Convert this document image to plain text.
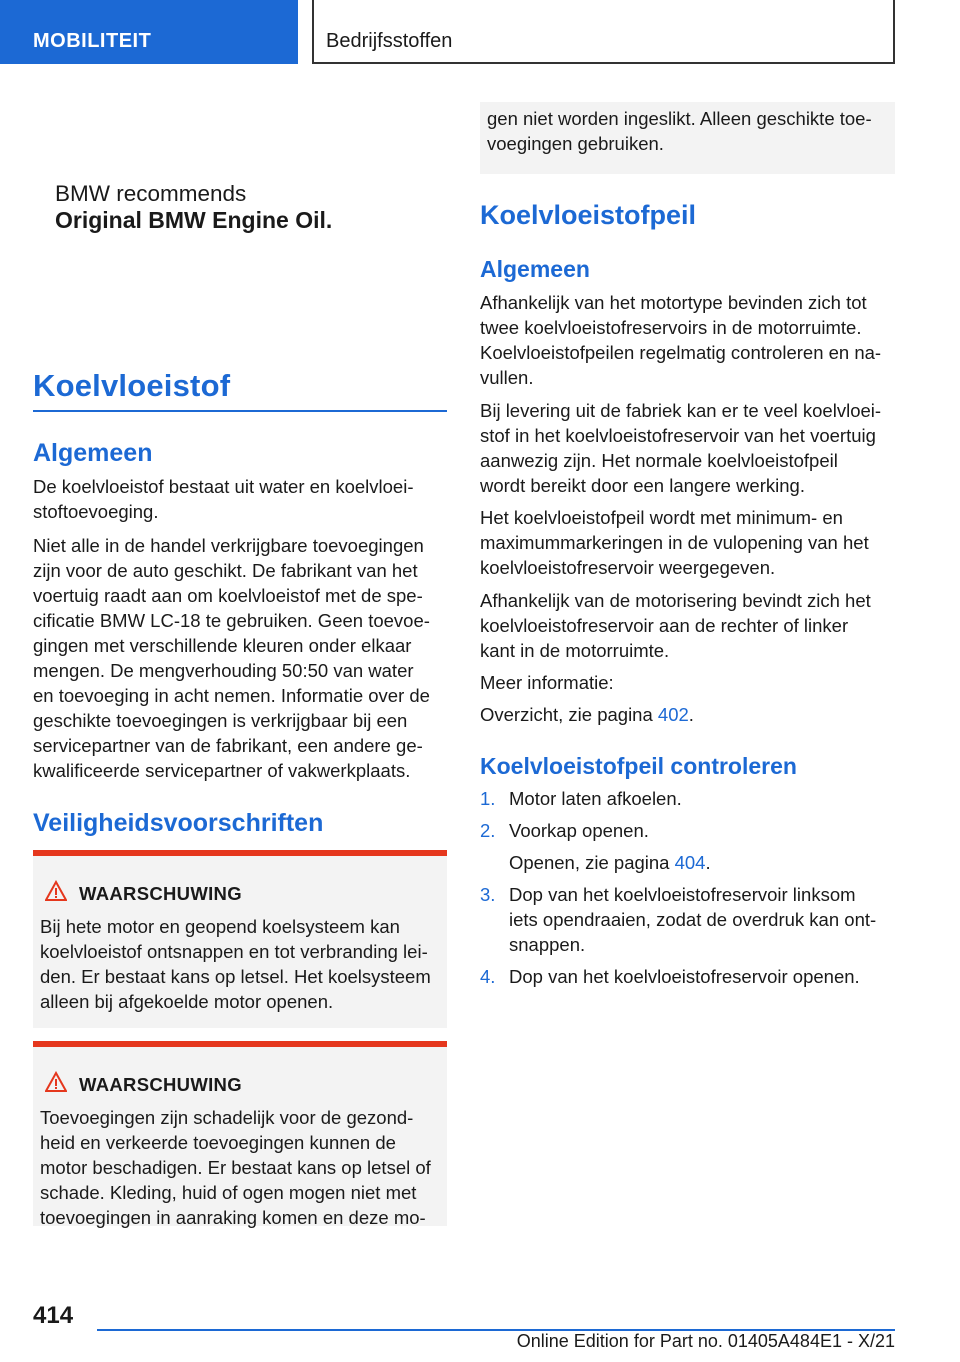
MOBILITEIT	Bedrijfsstoffen
BMW recommends
Original BMW Engine Oil.
Koelvloeistof
Algemeen
De koelvloeistof bestaat uit water en koelvloei-
stoftoevoeging.
Niet alle in de handel verkrijgbare toevoegingen
zijn voor de auto geschikt. De fabrikant van het
voertuig raadt aan om koelvloeistof met de spe-
cificatie BMW LC-18 te gebruiken. Geen toevoe-
gingen met verschillende kleuren onder elkaar
mengen. De mengverhouding 50:50 van water
en toevoeging in acht nemen. Informatie over de
geschikte toevoegingen is verkrijgbaar bij een
servicepartner van de fabrikant, een andere ge-
kwalificeerde servicepartner of vakwerkplaats.
Veiligheidsvoorschriften
WAARSCHUWING
Bij hete motor en geopend koelsysteem kan
koelvloeistof ontsnappen en tot verbranding lei-
den. Er bestaat kans op letsel. Het koelsysteem
alleen bij afgekoelde motor openen.
WAARSCHUWING
Toevoegingen zijn schadelijk voor de gezond-
heid en verkeerde toevoegingen kunnen de
motor beschadigen. Er bestaat kans op letsel of
schade. Kleding, huid of ogen mogen niet met
toevoegingen in aanraking komen en deze mo-
gen niet worden ingeslikt. Alleen geschikte toe-
voegingen gebruiken.
Koelvloeistofpeil
Algemeen
Afhankelijk van het motortype bevinden zich tot
twee koelvloeistofreservoirs in de motorruimte.
Koelvloeistofpeilen regelmatig controleren en na-
vullen.
Bij levering uit de fabriek kan er te veel koelvloei-
stof in het koelvloeistofreservoir van het voertuig
aanwezig zijn. Het normale koelvloeistofpeil
wordt bereikt door een langere werking.
Het koelvloeistofpeil wordt met minimum- en
maximummarkeringen in de vulopening van het
koelvloeistofreservoir weergegeven.
Afhankelijk van de motorisering bevindt zich het
koelvloeistofreservoir aan de rechter of linker
kant in de motorruimte.
Meer informatie:
Overzicht, zie pagina 402.
Koelvloeistofpeil controleren
1. Motor laten afkoelen.
2. Voorkap openen.
Openen, zie pagina 404.
3. Dop van het koelvloeistofreservoir linksom
iets opendraaien, zodat de overdruk kan ont-
snappen.
4. Dop van het koelvloeistofreservoir openen.
414
Online Edition for Part no. 01405A484E1 - X/21
